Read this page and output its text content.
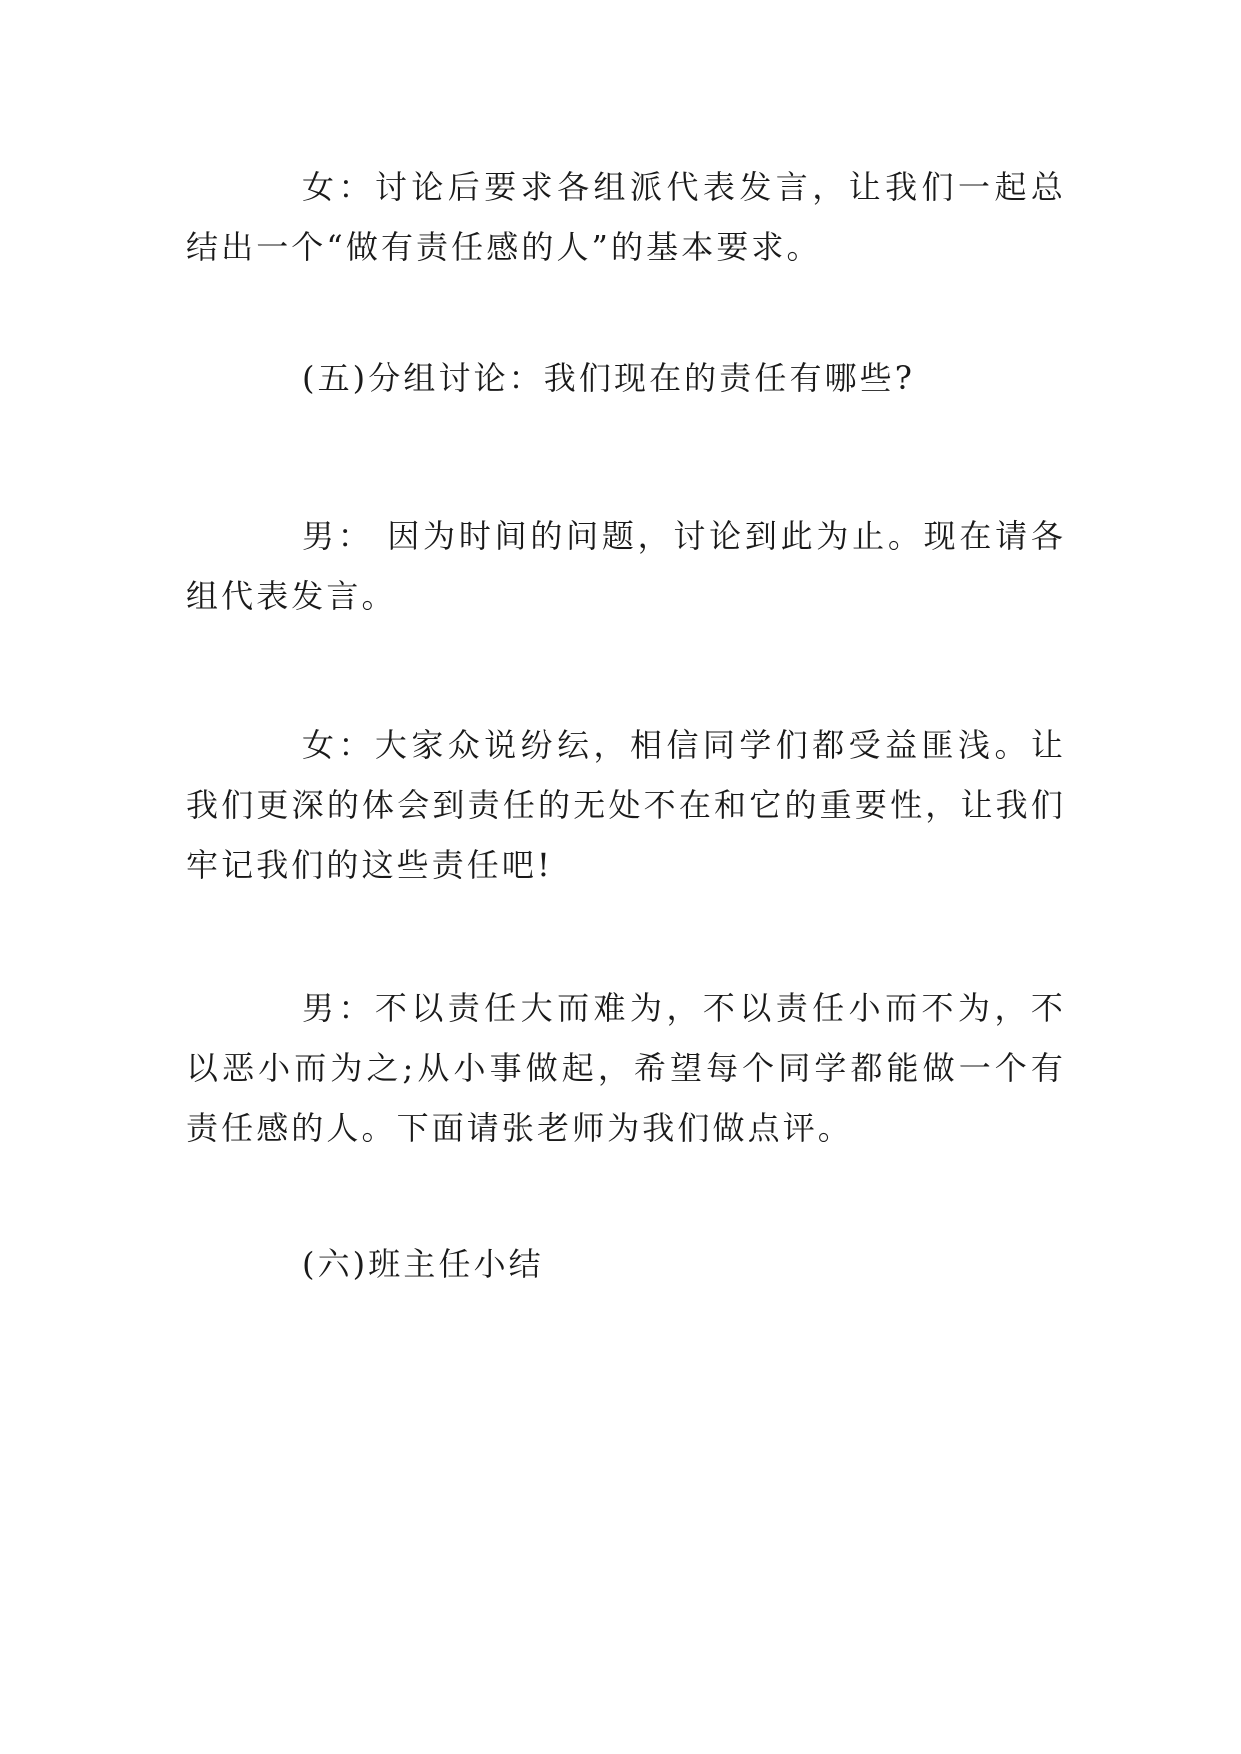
女：讨论后要求各组派代表发言，让我们一起总结出一个“做有责任感的人”的基本要求。

(五)分组讨论：我们现在的责任有哪些?

男： 因为时间的问题，讨论到此为止。现在请各组代表发言。

女：大家众说纷纭，相信同学们都受益匪浅。让我们更深的体会到责任的无处不在和它的重要性，让我们牢记我们的这些责任吧!

男：不以责任大而难为，不以责任小而不为，不以恶小而为之;从小事做起，希望每个同学都能做一个有责任感的人。下面请张老师为我们做点评。

(六)班主任小结
